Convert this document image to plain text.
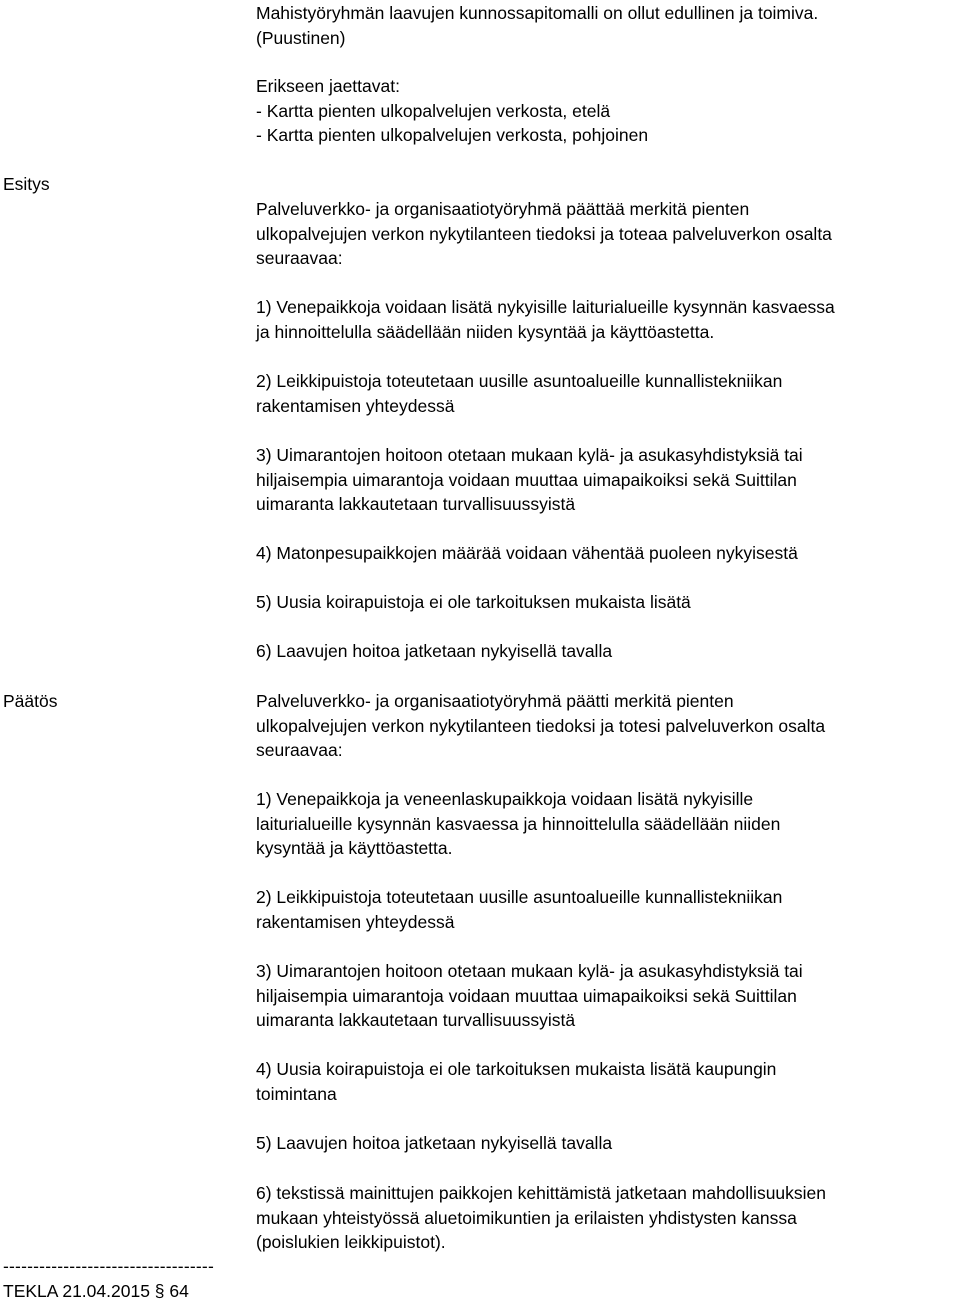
Mahistyöryhmän laavujen kunnossapitomalli on ollut edullinen ja toimiva.
(Puustinen)
Erikseen jaettavat:
- Kartta pienten ulkopalvelujen verkosta, etelä
- Kartta pienten ulkopalvelujen verkosta, pohjoinen
Esitys
Palveluverkko- ja organisaatiotyöryhmä päättää merkitä pienten
ulkopalvejujen verkon nykytilanteen tiedoksi ja toteaa palveluverkon osalta
seuraavaa:
1) Venepaikkoja voidaan lisätä nykyisille laiturialueille kysynnän kasvaessa
ja hinnoittelulla säädellään niiden kysyntää ja käyttöastetta.
2) Leikkipuistoja toteutetaan uusille asuntoalueille kunnallistekniikan
rakentamisen yhteydessä
3) Uimarantojen hoitoon otetaan mukaan kylä- ja asukasyhdistyksiä tai
hiljaisempia uimarantoja voidaan muuttaa uimapaikoiksi sekä Suittilan
uimaranta lakkautetaan turvallisuussyistä
4) Matonpesupaikkojen määrää voidaan vähentää puoleen nykyisestä
5) Uusia koirapuistoja ei ole tarkoituksen mukaista lisätä
6) Laavujen hoitoa jatketaan nykyisellä tavalla
Päätös	Palveluverkko- ja organisaatiotyöryhmä päätti merkitä pienten
ulkopalvejujen verkon nykytilanteen tiedoksi ja totesi palveluverkon osalta
seuraavaa:
1) Venepaikkoja ja veneenlaskupaikkoja voidaan lisätä nykyisille
laiturialueille kysynnän kasvaessa ja hinnoittelulla säädellään niiden
kysyntää ja käyttöastetta.
2) Leikkipuistoja toteutetaan uusille asuntoalueille kunnallistekniikan
rakentamisen yhteydessä
3) Uimarantojen hoitoon otetaan mukaan kylä- ja asukasyhdistyksiä tai
hiljaisempia uimarantoja voidaan muuttaa uimapaikoiksi sekä Suittilan
uimaranta lakkautetaan turvallisuussyistä
4) Uusia koirapuistoja ei ole tarkoituksen mukaista lisätä kaupungin
toimintana
5) Laavujen hoitoa jatketaan nykyisellä tavalla
6) tekstissä mainittujen paikkojen kehittämistä jatketaan mahdollisuuksien
mukaan yhteistyössä aluetoimikuntien ja erilaisten yhdistysten kanssa
(poislukien leikkipuistot).
-----------------------------------
TEKLA 21.04.2015 § 64
